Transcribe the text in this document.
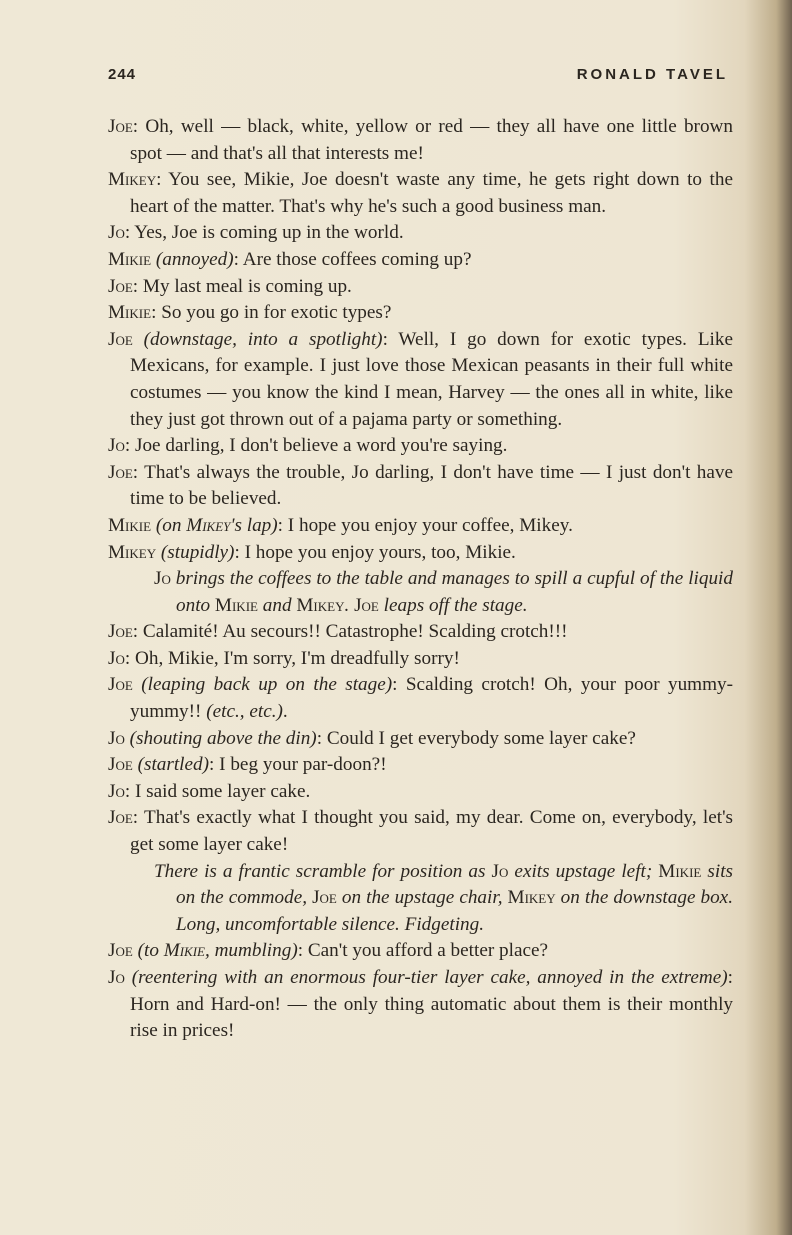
244	RONALD TAVEL

Joe: Oh, well — black, white, yellow or red — they all have one little brown spot — and that's all that interests me!

Mikey: You see, Mikie, Joe doesn't waste any time, he gets right down to the heart of the matter. That's why he's such a good business man.

Jo: Yes, Joe is coming up in the world.

Mikie (annoyed): Are those coffees coming up?

Joe: My last meal is coming up.

Mikie: So you go in for exotic types?

Joe (downstage, into a spotlight): Well, I go down for exotic types. Like Mexicans, for example. I just love those Mexican peasants in their full white costumes — you know the kind I mean, Harvey — the ones all in white, like they just got thrown out of a pajama party or something.

Jo: Joe darling, I don't believe a word you're saying.

Joe: That's always the trouble, Jo darling, I don't have time — I just don't have time to be believed.

Mikie (on Mikey's lap): I hope you enjoy your coffee, Mikey.

Mikey (stupidly): I hope you enjoy yours, too, Mikie.

Jo brings the coffees to the table and manages to spill a cupful of the liquid onto Mikie and Mikey. Joe leaps off the stage.

Joe: Calamité! Au secours!! Catastrophe! Scalding crotch!!!

Jo: Oh, Mikie, I'm sorry, I'm dreadfully sorry!

Joe (leaping back up on the stage): Scalding crotch! Oh, your poor yummy-yummy!! (etc., etc.).

Jo (shouting above the din): Could I get everybody some layer cake?

Joe (startled): I beg your par-doon?!

Jo: I said some layer cake.

Joe: That's exactly what I thought you said, my dear. Come on, everybody, let's get some layer cake!

There is a frantic scramble for position as Jo exits upstage left; Mikie sits on the commode, Joe on the upstage chair, Mikey on the downstage box. Long, uncomfortable silence. Fidgeting.

Joe (to Mikie, mumbling): Can't you afford a better place?

Jo (reentering with an enormous four-tier layer cake, annoyed in the extreme): Horn and Hard-on! — the only thing automatic about them is their monthly rise in prices!
